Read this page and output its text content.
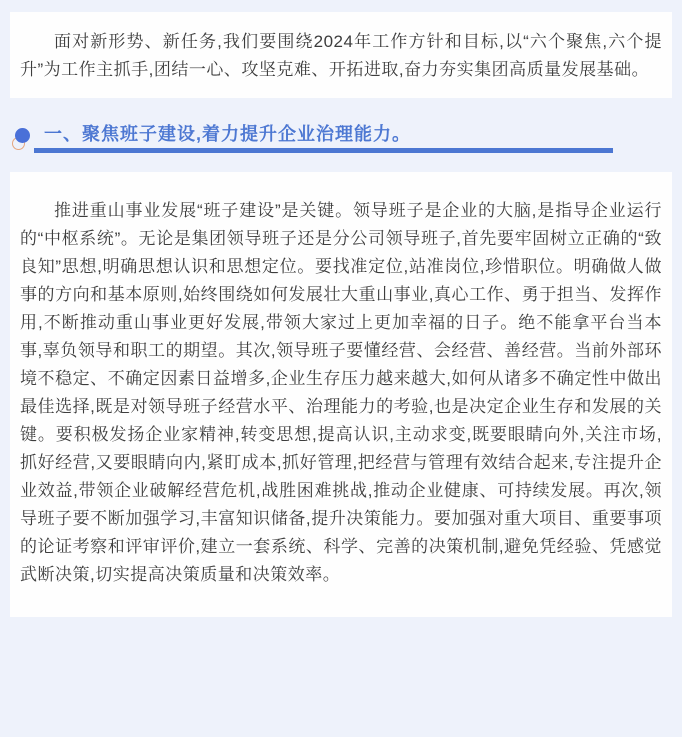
面对新形势、新任务,我们要围绕2024年工作方针和目标,以“六个聚焦,六个提升”为工作主抓手,团结一心、攻坚克难、开拓进取,奋力夯实集团高质量发展基础。

一、聚焦班子建设,着力提升企业治理能力。

推进重山事业发展“班子建设”是关键。领导班子是企业的大脑,是指导企业运行的“中枢系统”。无论是集团领导班子还是分公司领导班子,首先要牢固树立正确的“致良知”思想,明确思想认识和思想定位。要找准定位,站准岗位,珍惜职位。明确做人做事的方向和基本原则,始终围绕如何发展壮大重山事业,真心工作、勇于担当、发挥作用,不断推动重山事业更好发展,带领大家过上更加幸福的日子。绝不能拿平台当本事,辜负领导和职工的期望。其次,领导班子要懂经营、会经营、善经营。当前外部环境不稳定、不确定因素日益增多,企业生存压力越来越大,如何从诸多不确定性中做出最佳选择,既是对领导班子经营水平、治理能力的考验,也是决定企业生存和发展的关键。要积极发扬企业家精神,转变思想,提高认识,主动求变,既要眼睛向外,关注市场,抓好经营,又要眼睛向内,紧盯成本,抓好管理,把经营与管理有效结合起来,专注提升企业效益,带领企业破解经营危机,战胜困难挑战,推动企业健康、可持续发展。再次,领导班子要不断加强学习,丰富知识储备,提升决策能力。要加强对重大项目、重要事项的论证考察和评审评价,建立一套系统、科学、完善的决策机制,避免凭经验、凭感觉武断决策,切实提高决策质量和决策效率。
